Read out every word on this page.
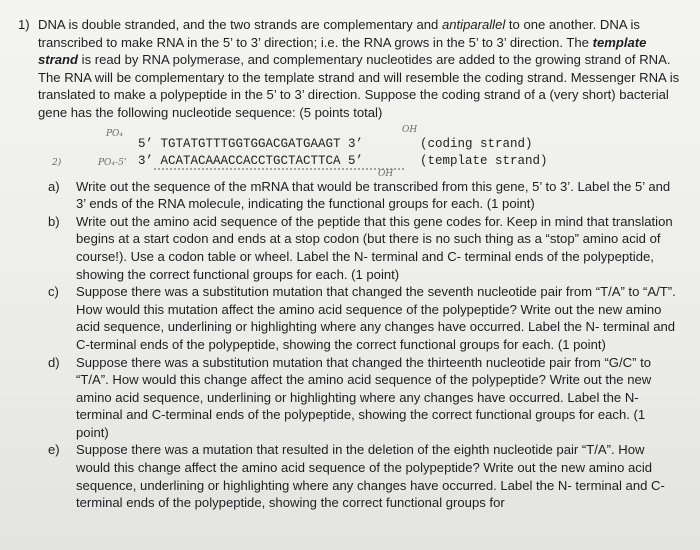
1) DNA is double stranded, and the two strands are complementary and antiparallel to one another. DNA is transcribed to make RNA in the 5’ to 3’ direction; i.e. the RNA grows in the 5’ to 3’ direction. The template strand is read by RNA polymerase, and complementary nucleotides are added to the growing strand of RNA. The RNA will be complementary to the template strand and will resemble the coding strand. Messenger RNA is translated to make a polypeptide in the 5’ to 3’ direction. Suppose the coding strand of a (very short) bacterial gene has the following nucleotide sequence: (5 points total)

PO₄	OH
5’ TGTATGTTTGGTGGACGATGAAGT 3’	(coding strand)
2)	PO₄-5’ 3’ ACATACAAACCACCTGCTACTTCA 5’	(template strand)
OH
a) Write out the sequence of the mRNA that would be transcribed from this gene, 5’ to 3’. Label the 5’ and 3’ ends of the RNA molecule, indicating the functional groups for each. (1 point)
b) Write out the amino acid sequence of the peptide that this gene codes for. Keep in mind that translation begins at a start codon and ends at a stop codon (but there is no such thing as a “stop” amino acid of course!). Use a codon table or wheel. Label the N- terminal and C- terminal ends of the polypeptide, showing the correct functional groups for each. (1 point)
c) Suppose there was a substitution mutation that changed the seventh nucleotide pair from “T/A” to “A/T”. How would this mutation affect the amino acid sequence of the polypeptide? Write out the new amino acid sequence, underlining or highlighting where any changes have occurred. Label the N- terminal and C-terminal ends of the polypeptide, showing the correct functional groups for each. (1 point)
d) Suppose there was a substitution mutation that changed the thirteenth nucleotide pair from “G/C” to “T/A”. How would this change affect the amino acid sequence of the polypeptide? Write out the new amino acid sequence, underlining or highlighting where any changes have occurred. Label the N- terminal and C-terminal ends of the polypeptide, showing the correct functional groups for each. (1 point)
e) Suppose there was a mutation that resulted in the deletion of the eighth nucleotide pair “T/A”. How would this change affect the amino acid sequence of the polypeptide? Write out the new amino acid sequence, underlining or highlighting where any changes have occurred. Label the N- terminal and C-terminal ends of the polypeptide, showing the correct functional groups for
